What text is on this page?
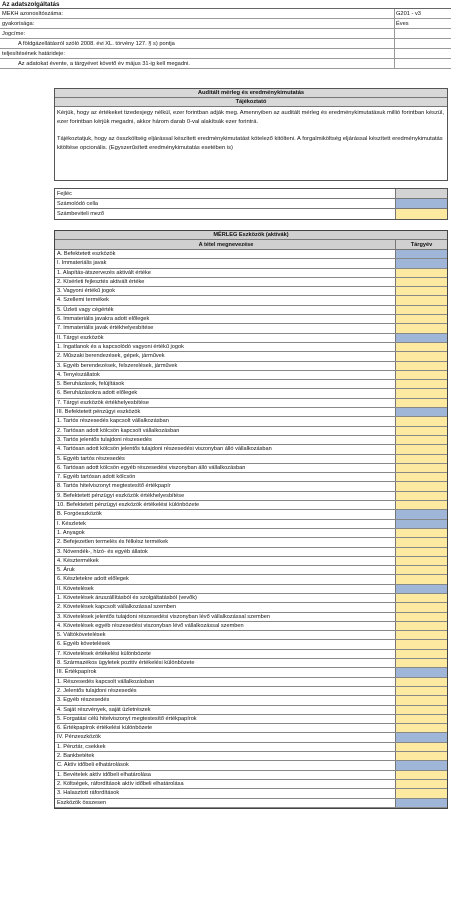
Az adatszolgáltatás
MEKH azonosítószáma:	G201 - v3
gyakorisága:	Éves
Jogcíme:
A földgázellátásról szóló 2008. évi XL. törvény 127. § s) pontja
teljesítésének határideje:
Az adatokat évente, a tárgyévet követő év május 31-ig kell megadni.
Auditált mérleg és eredménykimutatás
Tájékoztató
Kérjük, hogy az értékeket tizedesjegy nélkül, ezer forintban adják meg. Amennyiben az auditált mérleg és eredménykimutatásuk millió forintban készül, ezer forintban kérjük megadni, akkor három darab 0-val alakítsák ezer forintrá.
Tájékoztatjuk, hogy az összköltség eljárással készített eredménykimutatást kötelező kitölteni. A forgalmiköltség eljárással készített eredménykimutatás kitöltése opcionális. (Egyszerűsített eredménykimutatás esetében is)
Fejléc
Számolódó cella
Számbeviteli mező
MÉRLEG Eszközök (aktívák)
A tétel megnevezése	Tárgyév
A. Befektetett eszközök
I. Immateriális javak
1. Alapítás-átszervezés aktivált értéke
2. Kísérleti fejlesztés aktivált értéke
3. Vagyoni értékű jogok
4. Szellemi termékek
5. Üzleti vagy cégérték
6. Immateriális javakra adott előlegek
7. Immateriális javak értékhelyesbítése
II. Tárgyi eszközök
1. Ingatlanok és a kapcsolódó vagyoni értékű jogok
2. Műszaki berendezések, gépek, járművek
3. Egyéb berendezések, felszerelések, járművek
4. Tenyészállatok
5. Beruházások, felújítások
6. Beruházásokra adott előlegek
7. Tárgyi eszközök értékhelyesbítése
III. Befektetett pénzügyi eszközök
1. Tartós részesedés kapcsolt vállalkozásban
2. Tartósan adott kölcsön kapcsolt vállalkozásban
3. Tartós jelentős tulajdoni részesedés
4. Tartósan adott kölcsön jelentős tulajdoni részesedési viszonyban álló vállalkozásban
5. Egyéb tartós részesedés
6. Tartósan adott kölcsön egyéb részesedési viszonyban álló vállalkozásban
7. Egyéb tartósan adott kölcsön
8. Tartós hitelviszonyt megtestesítő értékpapír
9. Befektetett pénzügyi eszközök értékhelyesbítése
10. Befektetett pénzügyi eszközök értékelési különbözete
B. Forgóeszközök
I. Készletek
1. Anyagok
2. Befejezetlen termelés és félkész termékek
3. Növendék-, hízó- és egyéb állatok
4. Késztermékek
5. Áruk
6. Készletekre adott előlegek
II. Követelések
1. Követelések áruszállításból és szolgáltatásból (vevők)
2. Követelések kapcsolt vállalkozással szemben
3. Követelések jelentős tulajdoni részesedési viszonyban lévő vállalkozással szemben
4. Követelések egyéb részesedési viszonyban lévő vállalkozással szemben
5. Váltókövetelések
6. Egyéb követelések
7. Követelések értékelési különbözete
8. Származékos ügyletek pozitív értékelési különbözete
III. Értékpapírok
1. Részesedés kapcsolt vállalkozásban
2. Jelentős tulajdoni részesedés
3. Egyéb részesedés
4. Saját részvények, saját üzletrészek
5. Forgatási célú hitelviszonyt megtestesítő értékpapírok
6. Értékpapírok értékelési különbözete
IV. Pénzeszközök
1. Pénztár, csekkek
2. Bankbetétek
C. Aktív időbeli elhatárolások
1. Bevételek aktív időbeli elhatárolása
2. Költségek, ráfordítások aktív időbeli elhatárolása
3. Halasztott ráfordítások
Eszközök összesen
